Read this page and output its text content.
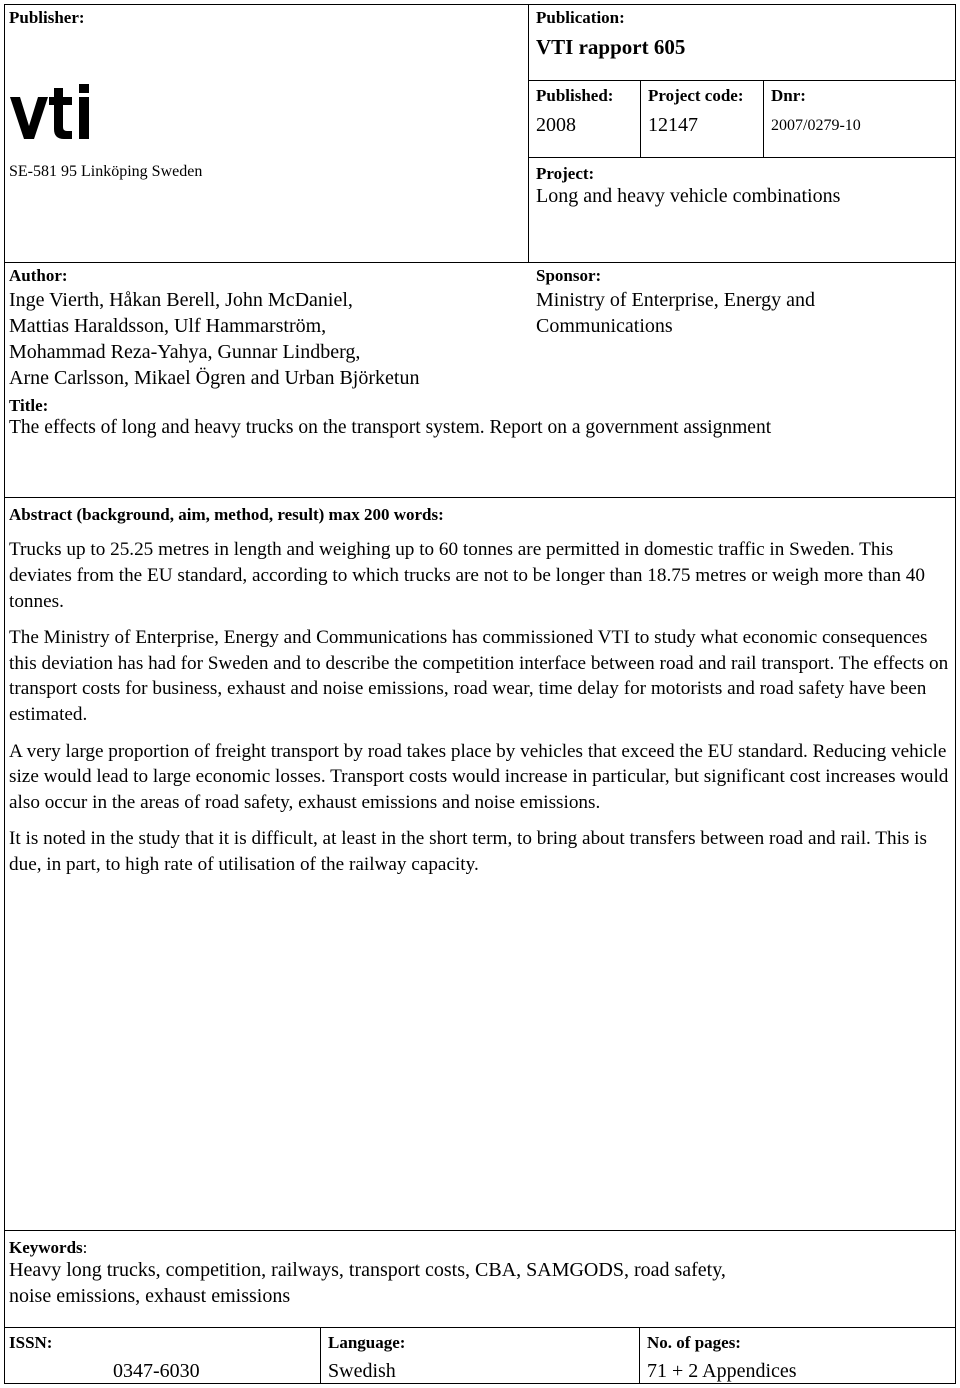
Publisher:
SE-581 95 Linköping Sweden
Publication:
VTI rapport 605
Published:
2008
Project code:
12147
Dnr:
2007/0279-10
Project:
Long and heavy vehicle combinations
Author:
Inge Vierth, Håkan Berell, John McDaniel,
Mattias Haraldsson, Ulf Hammarström,
Mohammad Reza-Yahya, Gunnar Lindberg,
Arne Carlsson, Mikael Ögren and Urban Björketun
Sponsor:
Ministry of Enterprise, Energy and
Communications
Title:
The effects of long and heavy trucks on the transport system. Report on a government assignment
Abstract (background, aim, method, result) max 200 words:

Trucks up to 25.25 metres in length and weighing up to 60 tonnes are permitted in domestic traffic in Sweden. This deviates from the EU standard, according to which trucks are not to be longer than 18.75 metres or weigh more than 40 tonnes.

The Ministry of Enterprise, Energy and Communications has commissioned VTI to study what economic consequences this deviation has had for Sweden and to describe the competition interface between road and rail transport. The effects on transport costs for business, exhaust and noise emissions, road wear, time delay for motorists and road safety have been estimated.

A very large proportion of freight transport by road takes place by vehicles that exceed the EU standard. Reducing vehicle size would lead to large economic losses. Transport costs would increase in particular, but significant cost increases would also occur in the areas of road safety, exhaust emissions and noise emissions.

It is noted in the study that it is difficult, at least in the short term, to bring about transfers between road and rail. This is due, in part, to high rate of utilisation of the railway capacity.

Keywords:
Heavy long trucks, competition, railways, transport costs, CBA, SAMGODS, road safety,
noise emissions, exhaust emissions
ISSN:
0347-6030
Language:
Swedish
No. of pages:
71 + 2 Appendices
